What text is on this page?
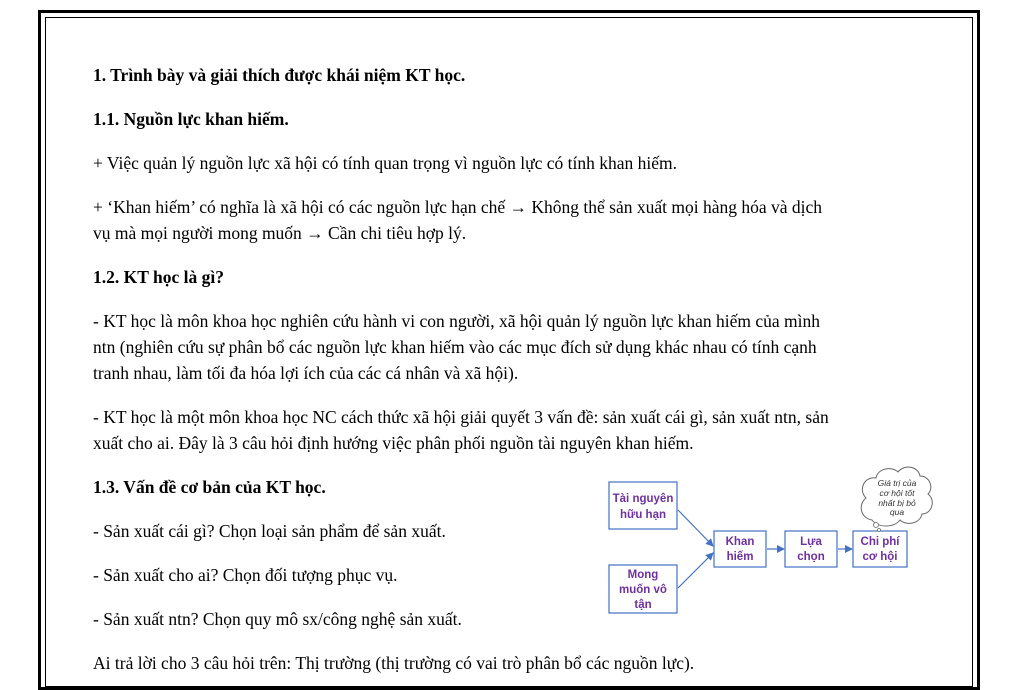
1. Trình bày và giải thích được khái niệm KT học.

1.1. Nguồn lực khan hiếm.

+ Việc quản lý nguồn lực xã hội có tính quan trọng vì nguồn lực có tính khan hiếm.

+ ‘Khan hiếm’ có nghĩa là xã hội có các nguồn lực hạn chế → Không thể sản xuất mọi hàng hóa và dịch
vụ mà mọi người mong muốn → Cần chi tiêu hợp lý.

1.2. KT học là gì?

- KT học là môn khoa học nghiên cứu hành vi con người, xã hội quản lý nguồn lực khan hiếm của mình
ntn (nghiên cứu sự phân bổ các nguồn lực khan hiếm vào các mục đích sử dụng khác nhau có tính cạnh
tranh nhau, làm tối đa hóa lợi ích của các cá nhân và xã hội).

- KT học là một môn khoa học NC cách thức xã hội giải quyết 3 vấn đề: sản xuất cái gì, sản xuất ntn, sản
xuất cho ai. Đây là 3 câu hỏi định hướng việc phân phối nguồn tài nguyên khan hiếm.

1.3. Vấn đề cơ bản của KT học.

- Sản xuất cái gì? Chọn loại sản phẩm để sản xuất.

- Sản xuất cho ai? Chọn đối tượng phục vụ.

- Sản xuất ntn? Chọn quy mô sx/công nghệ sản xuất.

Ai trả lời cho 3 câu hỏi trên: Thị trường (thị trường có vai trò phân bổ các nguồn lực).

Tài nguyên
hữu hạn
Mong
muốn vô
tận
Khan
hiếm
Lựa
chọn
Chi phí
cơ hội
Giá trị của
cơ hội tốt
nhất bị bỏ
qua
